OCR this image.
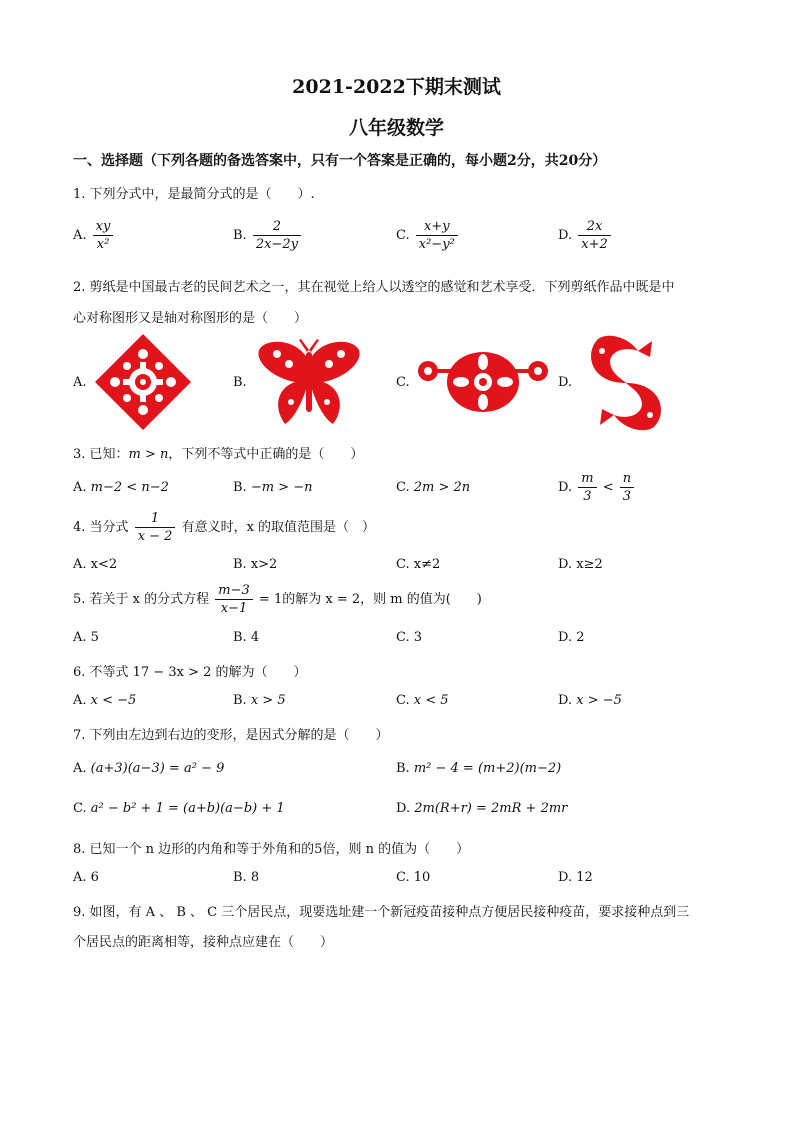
2021-2022下期末测试
八年级数学
一、选择题（下列各题的备选答案中，只有一个答案是正确的，每小题2分，共20分）
1. 下列分式中，是最简分式的是（　　）.
A. $\frac{xy}{\text{x²}}$	B. $\frac{2}{2x-2y}$	C. $\frac{x+y}{\text{x²−y²}}$	D. $\frac{2x}{x+2}$
2. 剪纸是中国最古老的民间艺术之一，其在视觉上给人以透空的感觉和艺术享受．下列剪纸作品中既是中
心对称图形又是轴对称图形的是（　　）
A.	B.	C.	D.
3. 已知：m > n，下列不等式中正确的是（　　）
A. m−2 < n−2	B. −m > −n	C. 2m > 2n	D. $\frac{m}{3} < \frac{n}{3}$
4. 当分式 $\frac{1}{x - 2}$ 有意义时，x 的取值范围是（　）
A. x<2	B. x>2	C. x≠2	D. x≥2
5. 若关于 x 的分式方程 $\frac{m-3}{x-1} = 1$的解为 x = 2，则 m 的值为(　　)
A. 5	B. 4	C. 3	D. 2
6. 不等式 17 − 3x > 2 的解为（　　）
A. x < −5	B. x > 5	C. x < 5	D. x > −5
7. 下列由左边到右边的变形，是因式分解的是（　　）
A. (a+3)(a−3) = a² − 9	B. m² − 4 = (m+2)(m−2)
C. a² − b² + 1 = (a+b)(a−b) + 1	D. 2m(R+r) = 2mR + 2mr
8. 已知一个 n 边形的内角和等于外角和的5倍，则 n 的值为（　　）
A. 6	B. 8	C. 10	D. 12
9. 如图，有 A 、 B 、 C 三个居民点，现要选址建一个新冠疫苗接种点方便居民接种疫苗，要求接种点到三
个居民点的距离相等，接种点应建在（　　）
